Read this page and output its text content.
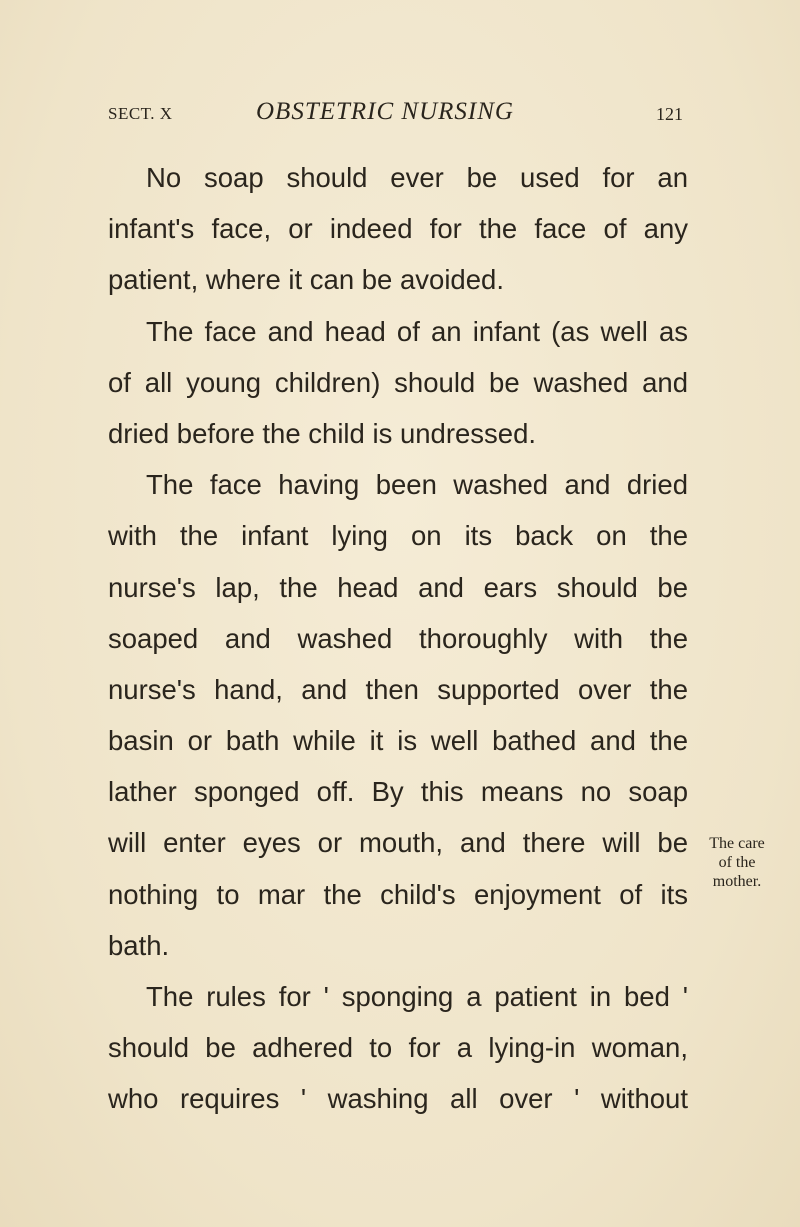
SECT. X	OBSTETRIC NURSING	121
No soap should ever be used for an
infant's face, or indeed for the face of any
patient, where it can be avoided.
The face and head of an infant (as well as
of all young children) should be washed and
dried before the child is undressed.
The face having been washed and dried
with the infant lying on its back on the
nurse's lap, the head and ears should be
soaped and washed thoroughly with the
nurse's hand, and then supported over the
basin or bath while it is well bathed and the
lather sponged off. By this means no soap
will enter eyes or mouth, and there will be
nothing to mar the child's enjoyment of its
bath.
The rules for ' sponging a patient in bed '
should be adhered to for a lying-in woman,
who requires ' washing all over ' without
The care
of the
mother.
